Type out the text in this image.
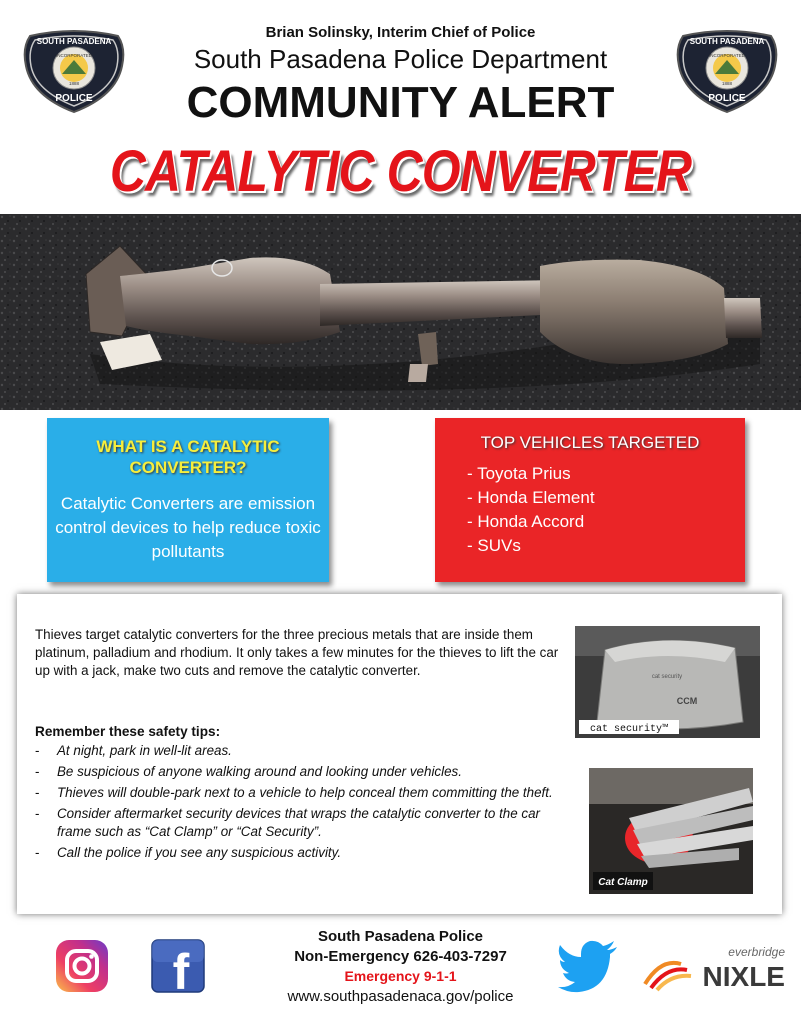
Brian Solinsky, Interim Chief of Police
South Pasadena Police Department
COMMUNITY ALERT
CATALYTIC CONVERTER
SOUTH PASADENA
INCORPORATED
1888
POLICE
SOUTH PASADENA
INCORPORATED
1888
POLICE
WHAT IS A CATALYTIC CONVERTER?
Catalytic Converters are emission control devices to help reduce toxic pollutants
TOP VEHICLES TARGETED
- Toyota Prius
- Honda Element
- Honda Accord
- SUVs
Thieves target catalytic converters for the three precious metals that are inside them platinum, palladium and rhodium. It only takes a few minutes for the thieves to lift the car up with a jack, make two cuts and remove the catalytic converter.
Remember these safety tips:
- At night, park in well-lit areas.
- Be suspicious of anyone walking around and looking under vehicles.
- Thieves will double-park next to a vehicle to help conceal them committing the theft.
- Consider aftermarket security devices that wraps the catalytic converter to the car frame such as “Cat Clamp” or “Cat Security”.
- Call the police if you see any suspicious activity.
cat security
CCM
cat security™
Cat Clamp
South Pasadena Police
Non-Emergency 626-403-7297
Emergency 9-1-1
www.southpasadenaca.gov/police
f	everbridge
NIXLE
